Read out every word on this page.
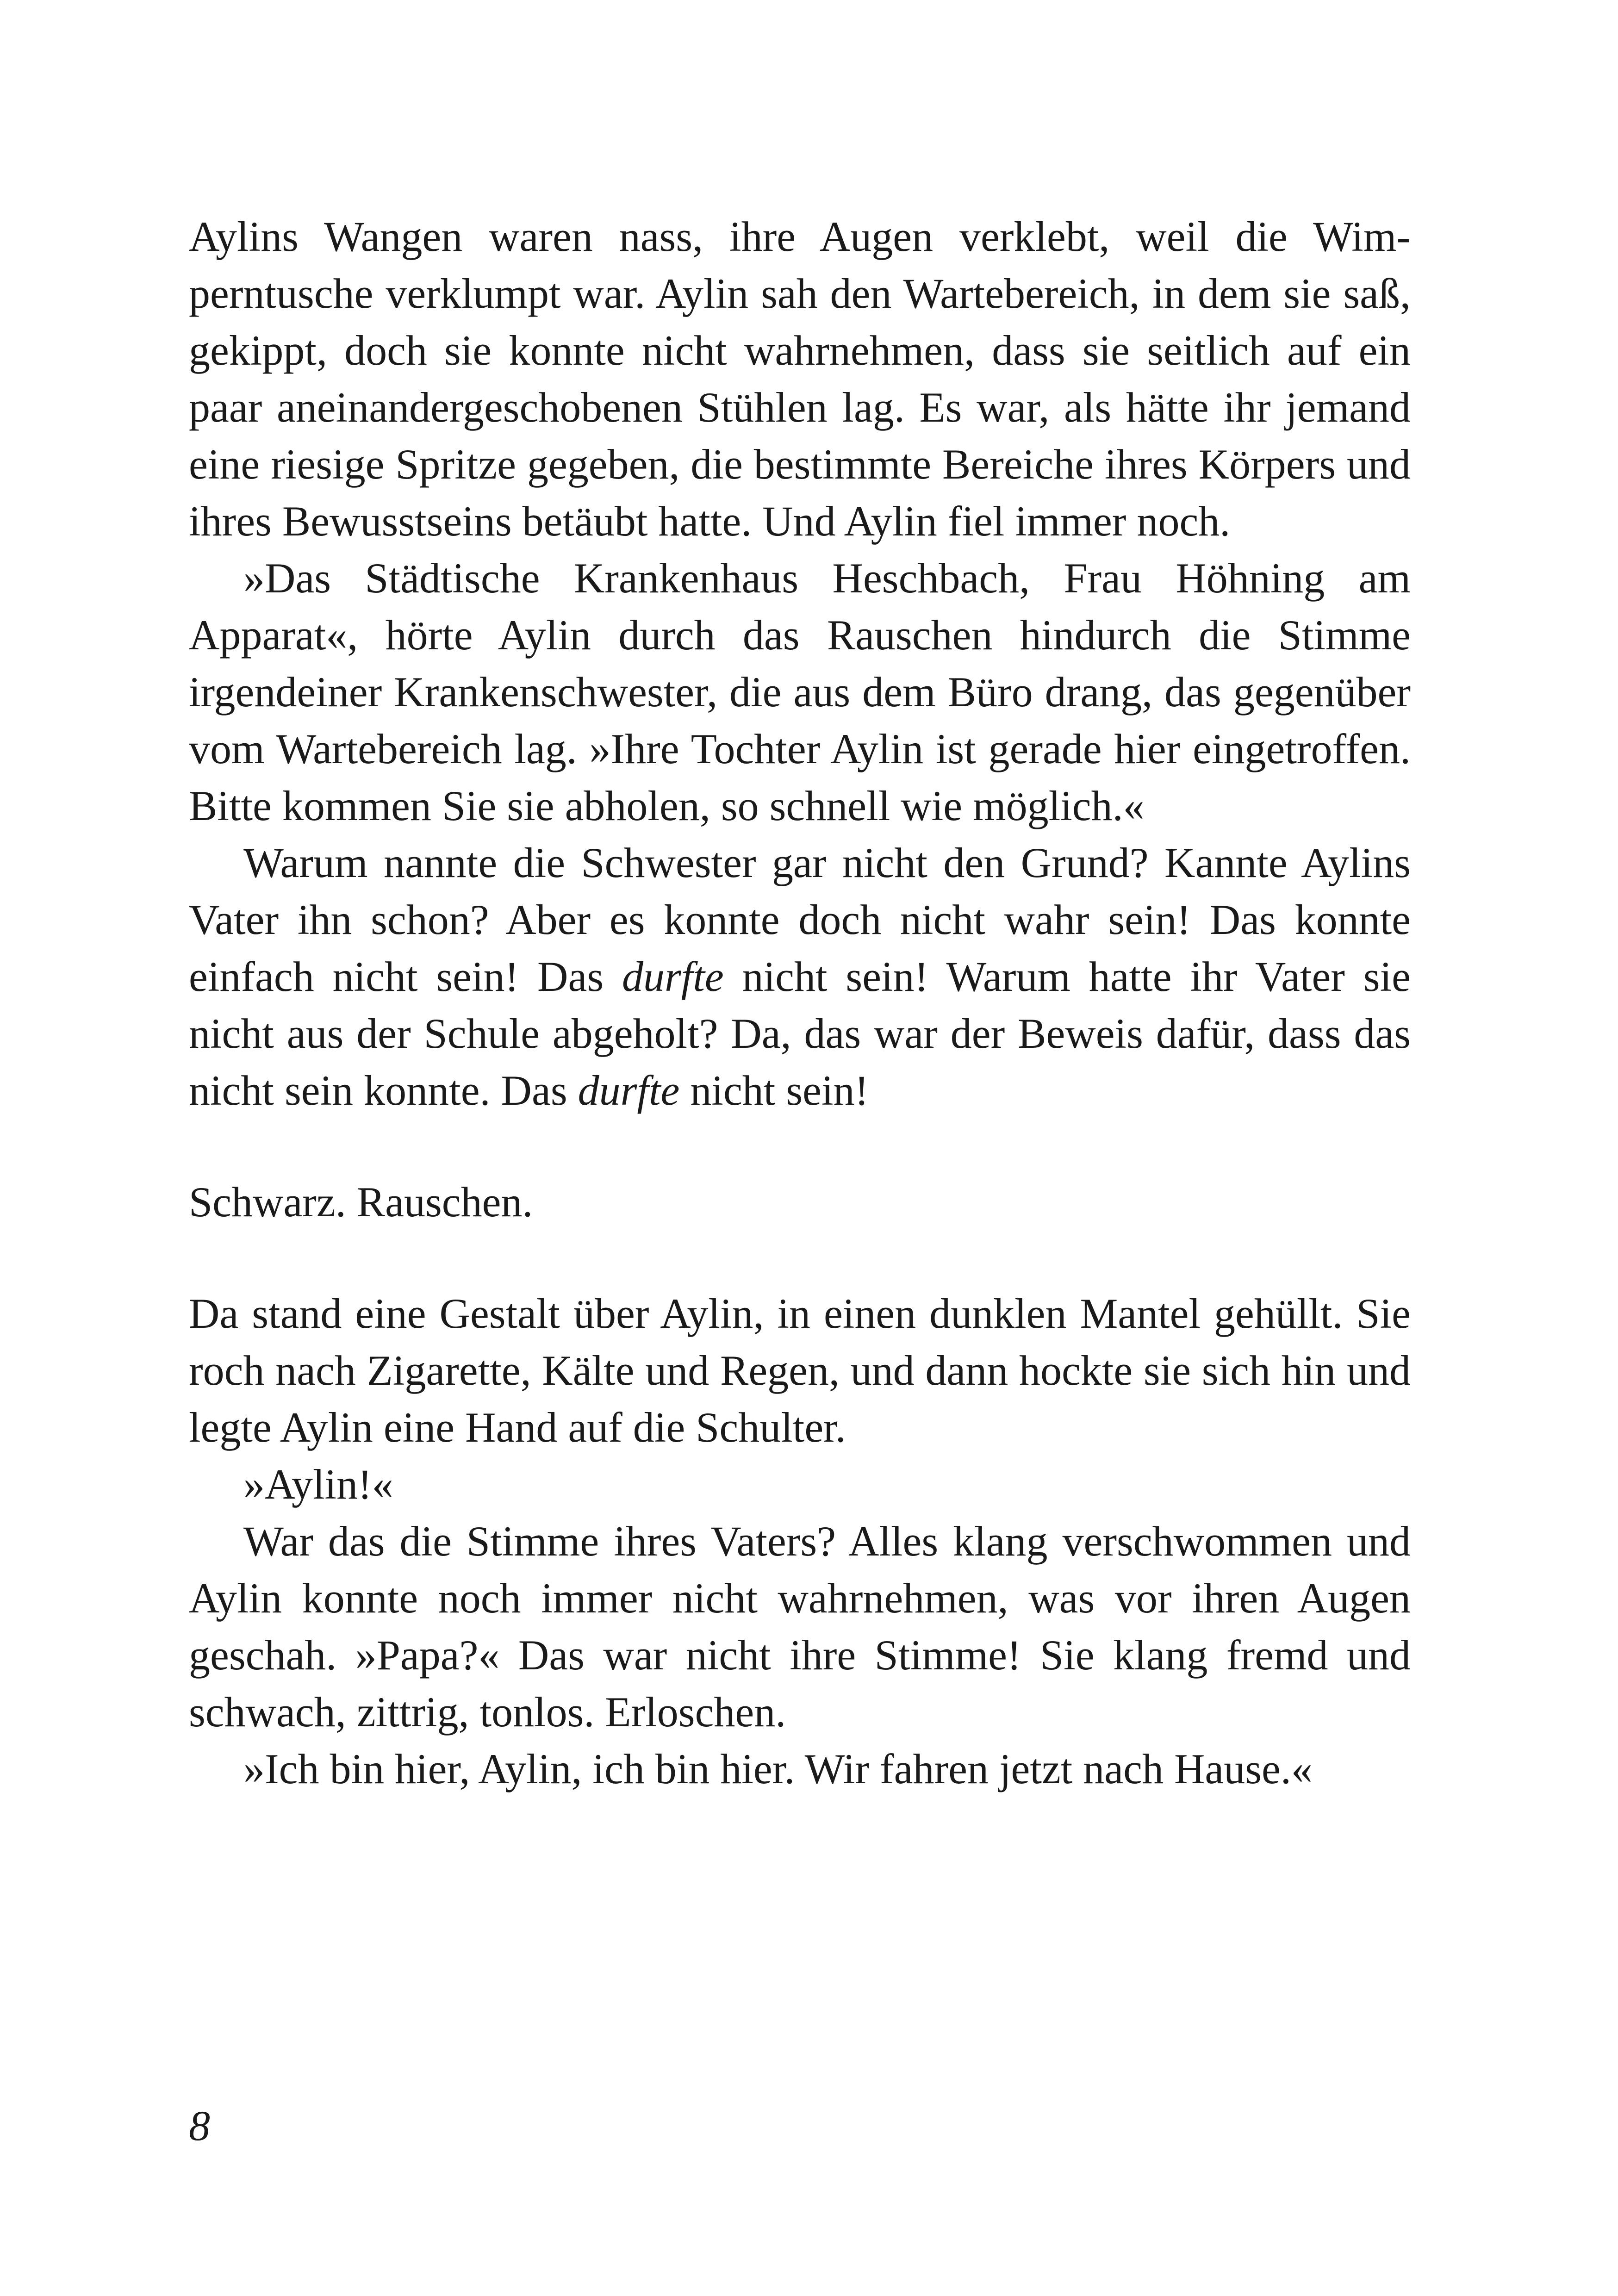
Aylins Wangen waren nass, ihre Augen verklebt, weil die Wimperntusche verklumpt war. Aylin sah den Wartebereich, in dem sie saß, gekippt, doch sie konnte nicht wahrnehmen, dass sie seitlich auf ein paar aneinandergeschobenen Stühlen lag. Es war, als hätte ihr jemand eine riesige Spritze gegeben, die bestimmte Bereiche ihres Körpers und ihres Bewusstseins betäubt hatte. Und Aylin fiel immer noch.

»Das Städtische Krankenhaus Heschbach, Frau Höhning am Apparat«, hörte Aylin durch das Rauschen hindurch die Stimme irgendeiner Krankenschwester, die aus dem Büro drang, das gegenüber vom Wartebereich lag. »Ihre Tochter Aylin ist gerade hier eingetroffen. Bitte kommen Sie sie abholen, so schnell wie möglich.«

Warum nannte die Schwester gar nicht den Grund? Kannte Aylins Vater ihn schon? Aber es konnte doch nicht wahr sein! Das konnte einfach nicht sein! Das durfte nicht sein! Warum hatte ihr Vater sie nicht aus der Schule abgeholt? Da, das war der Beweis dafür, dass das nicht sein konnte. Das durfte nicht sein!

Schwarz. Rauschen.

Da stand eine Gestalt über Aylin, in einen dunklen Mantel gehüllt. Sie roch nach Zigarette, Kälte und Regen, und dann hockte sie sich hin und legte Aylin eine Hand auf die Schulter.

»Aylin!«

War das die Stimme ihres Vaters? Alles klang verschwommen und Aylin konnte noch immer nicht wahrnehmen, was vor ihren Augen geschah. »Papa?« Das war nicht ihre Stimme! Sie klang fremd und schwach, zittrig, tonlos. Erloschen.

»Ich bin hier, Aylin, ich bin hier. Wir fahren jetzt nach Hause.«

8
